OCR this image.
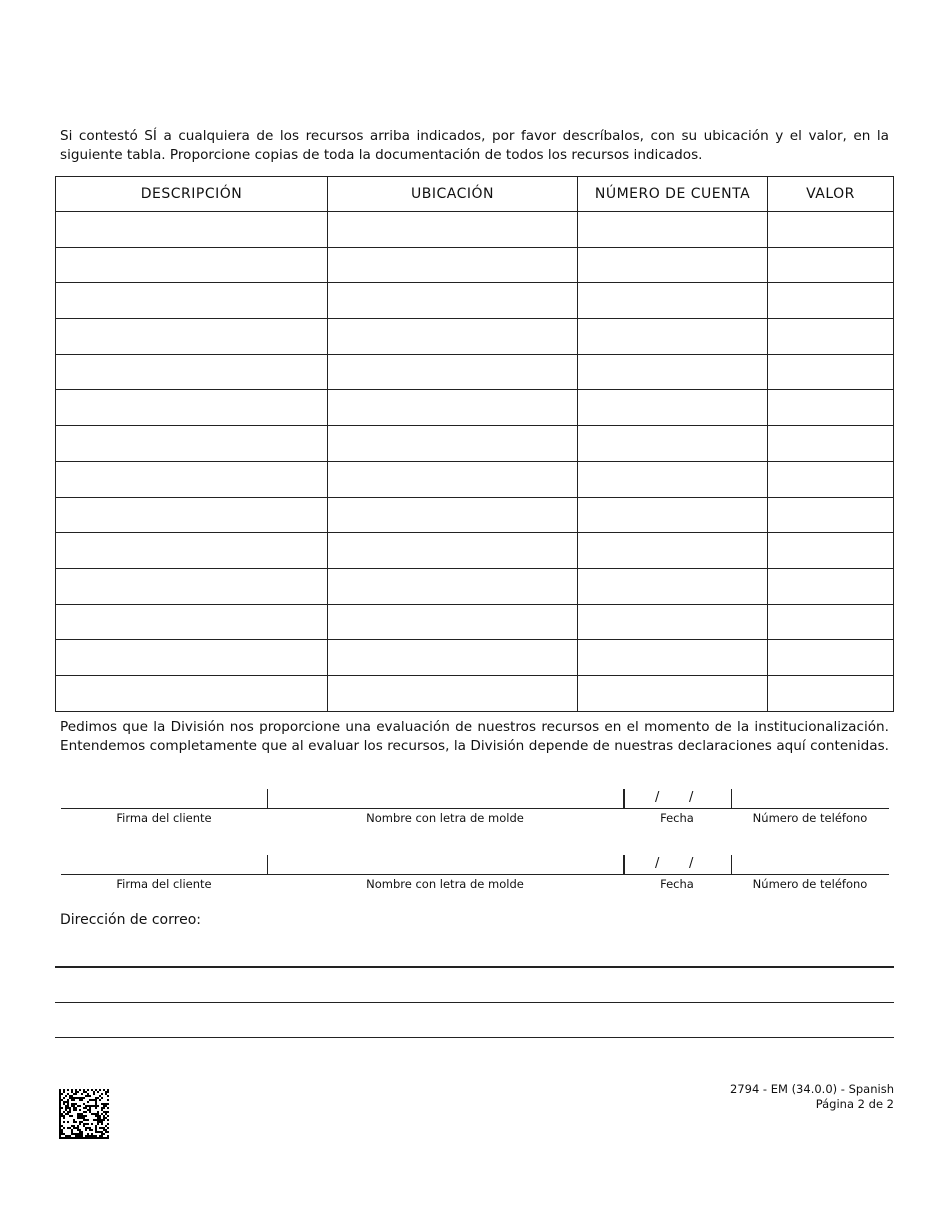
Si contestó SÍ a cualquiera de los recursos arriba indicados, por favor descríbalos, con su ubicación y el valor, en la siguiente tabla. Proporcione copias de toda la documentación de todos los recursos indicados.
DESCRIPCIÓN	UBICACIÓN	NÚMERO DE CUENTA	VALOR

Pedimos que la División nos proporcione una evaluación de nuestros recursos en el momento de la institucionalización.

Entendemos completamente que al evaluar los recursos, la División depende de nuestras declaraciones aquí contenidas.

/ /
Firma del cliente	Nombre con letra de molde	Fecha	Número de teléfono
/ /
Firma del cliente	Nombre con letra de molde	Fecha	Número de teléfono
Dirección de correo:
2794 - EM (34.0.0) - Spanish
Página 2 de 2
